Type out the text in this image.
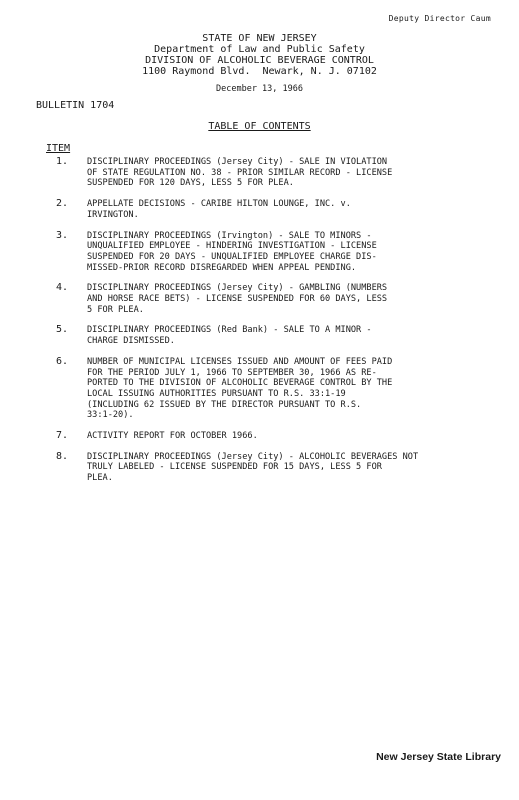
Deputy Director Caum
STATE OF NEW JERSEY
Department of Law and Public Safety
DIVISION OF ALCOHOLIC BEVERAGE CONTROL
1100 Raymond Blvd.  Newark, N. J. 07102
December 13, 1966
BULLETIN 1704
TABLE OF CONTENTS
ITEM
1.	DISCIPLINARY PROCEEDINGS (Jersey City) - SALE IN VIOLATION
OF STATE REGULATION NO. 38 - PRIOR SIMILAR RECORD - LICENSE
SUSPENDED FOR 120 DAYS, LESS 5 FOR PLEA.
2.	APPELLATE DECISIONS - CARIBE HILTON LOUNGE, INC. v.
IRVINGTON.
3.	DISCIPLINARY PROCEEDINGS (Irvington) - SALE TO MINORS -
UNQUALIFIED EMPLOYEE - HINDERING INVESTIGATION - LICENSE
SUSPENDED FOR 20 DAYS - UNQUALIFIED EMPLOYEE CHARGE DIS-
MISSED-PRIOR RECORD DISREGARDED WHEN APPEAL PENDING.
4.	DISCIPLINARY PROCEEDINGS (Jersey City) - GAMBLING (NUMBERS
AND HORSE RACE BETS) - LICENSE SUSPENDED FOR 60 DAYS, LESS
5 FOR PLEA.
5.	DISCIPLINARY PROCEEDINGS (Red Bank) - SALE TO A MINOR -
CHARGE DISMISSED.
6.	NUMBER OF MUNICIPAL LICENSES ISSUED AND AMOUNT OF FEES PAID
FOR THE PERIOD JULY 1, 1966 TO SEPTEMBER 30, 1966 AS RE-
PORTED TO THE DIVISION OF ALCOHOLIC BEVERAGE CONTROL BY THE
LOCAL ISSUING AUTHORITIES PURSUANT TO R.S. 33:1-19
(INCLUDING 62 ISSUED BY THE DIRECTOR PURSUANT TO R.S.
33:1-20).
7.	ACTIVITY REPORT FOR OCTOBER 1966.
8.	DISCIPLINARY PROCEEDINGS (Jersey City) - ALCOHOLIC BEVERAGES NOT
TRULY LABELED - LICENSE SUSPENDED FOR 15 DAYS, LESS 5 FOR
PLEA.
New Jersey State Library
